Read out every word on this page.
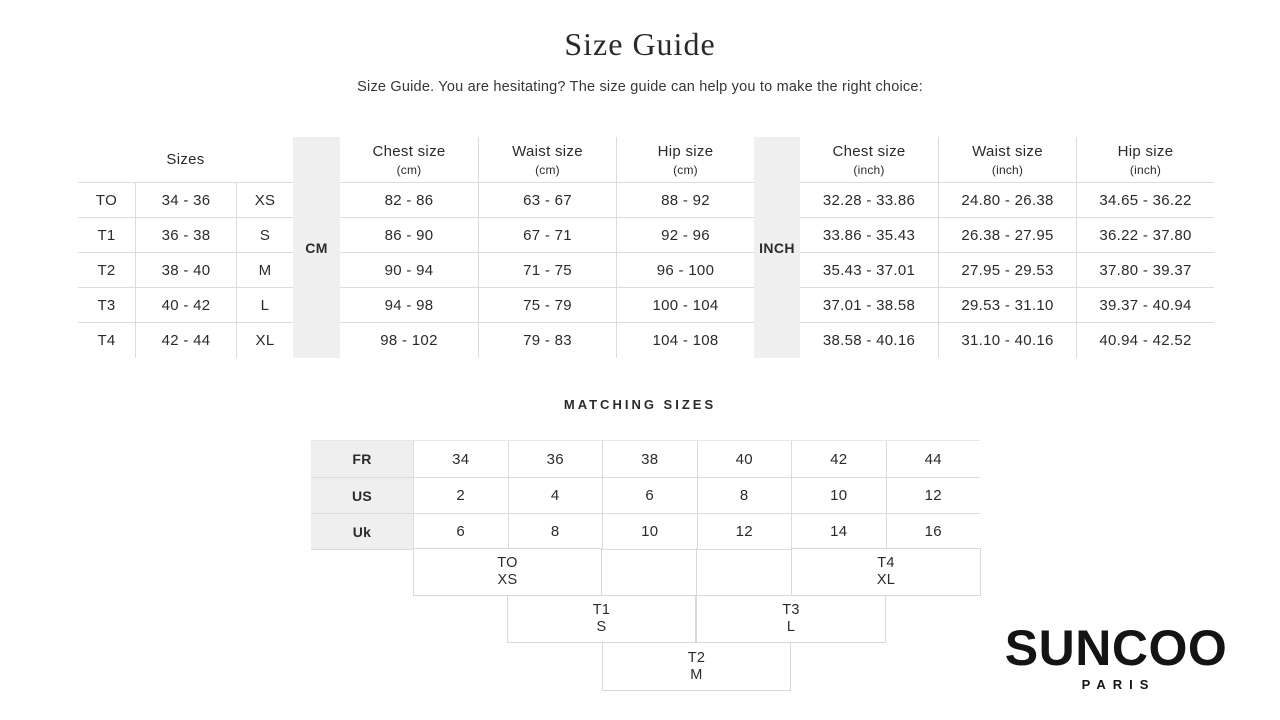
Size Guide
Size Guide. You are hesitating? The size guide can help you to make the right choice:
Sizes
CM
Chest size
(cm)
Waist size
(cm)
Hip size
(cm)
INCH
Chest size
(inch)
Waist size
(inch)
Hip size
(inch)
TO	34 - 36	XS	82 - 86	63 - 67	88 - 92	32.28 - 33.86	24.80 - 26.38	34.65 - 36.22
T1	36 - 38	S	86 - 90	67 - 71	92 - 96	33.86 - 35.43	26.38 - 27.95	36.22 - 37.80
T2	38 - 40	M	90 - 94	71 - 75	96 - 100	35.43 - 37.01	27.95 - 29.53	37.80 - 39.37
T3	40 - 42	L	94 - 98	75 - 79	100 - 104	37.01 - 38.58	29.53 - 31.10	39.37 - 40.94
T4	42 - 44	XL	98 - 102	79 - 83	104 - 108	38.58 - 40.16	31.10 - 40.16	40.94 - 42.52
MATCHING SIZES
FR	34	36	38	40	42	44
US	2	4	6	8	10	12
Uk	6	8	10	12	14	16
TO
XS
T4
XL
T1
S
T3
L
T2
M	SUNCOO
PARIS
